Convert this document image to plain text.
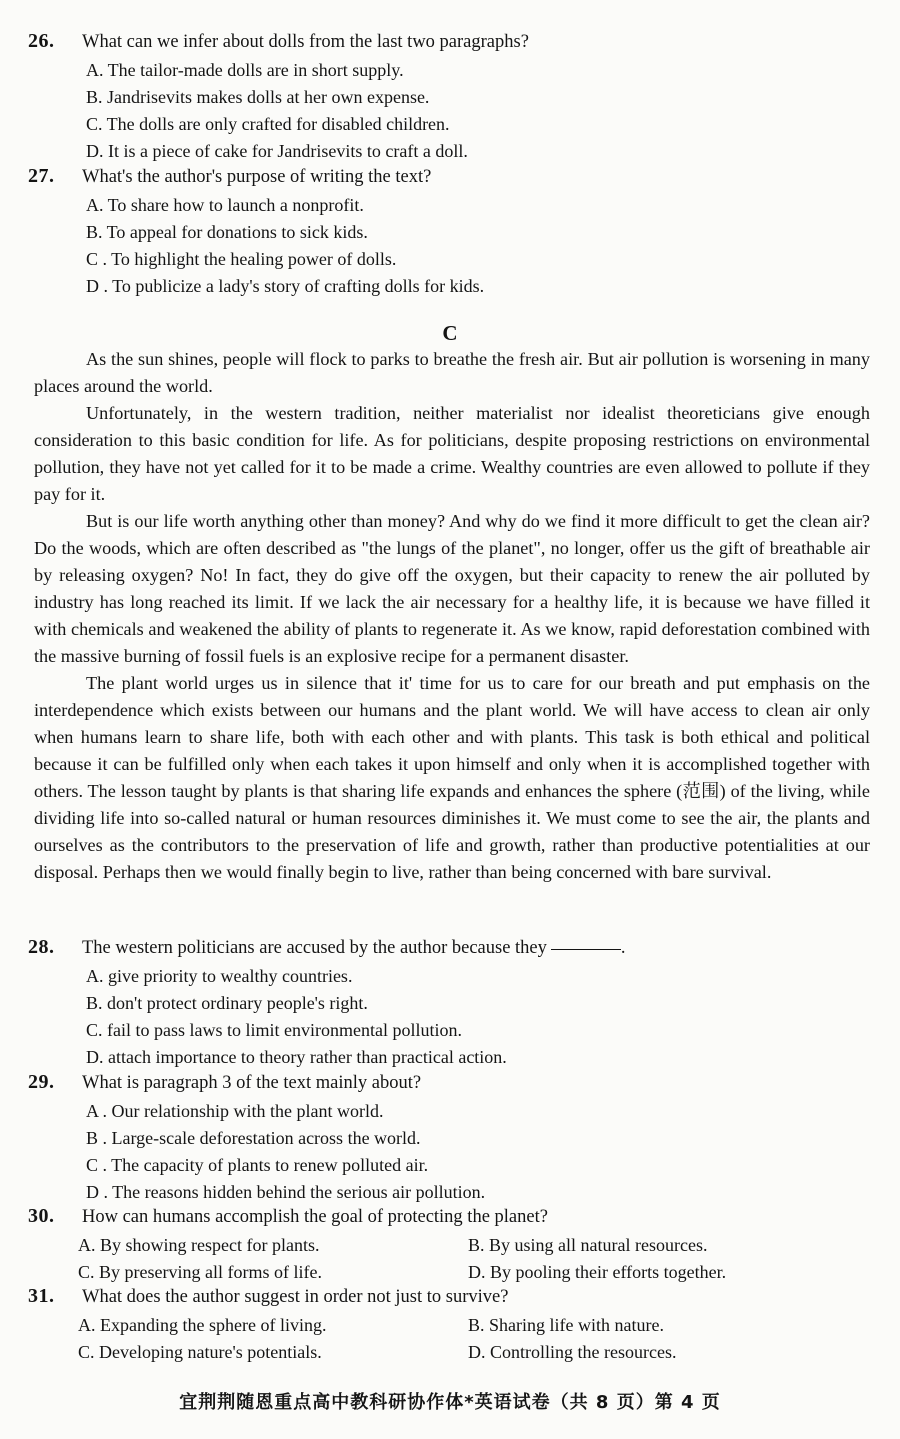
26.	What can we infer about dolls from the last two paragraphs?
A. The tailor-made dolls are in short supply.
B. Jandrisevits makes dolls at her own expense.
C. The dolls are only crafted for disabled children.
D. It is a piece of cake for Jandrisevits to craft a doll.
27.	What's the author's purpose of writing the text?
A. To share how to launch a nonprofit.
B. To appeal for donations to sick kids.
C . To highlight the healing power of dolls.
D . To publicize a lady's story of crafting dolls for kids.
C

As the sun shines, people will flock to parks to breathe the fresh air. But air pollution is worsening in many places around the world.

Unfortunately, in the western tradition, neither materialist nor idealist theoreticians give enough consideration to this basic condition for life. As for politicians, despite proposing restrictions on environmental pollution, they have not yet called for it to be made a crime. Wealthy countries are even allowed to pollute if they pay for it.

But is our life worth anything other than money? And why do we find it more difficult to get the clean air? Do the woods, which are often described as "the lungs of the planet", no longer, offer us the gift of breathable air by releasing oxygen? No! In fact, they do give off the oxygen, but their capacity to renew the air polluted by industry has long reached its limit. If we lack the air necessary for a healthy life, it is because we have filled it with chemicals and weakened the ability of plants to regenerate it. As we know, rapid deforestation combined with the massive burning of fossil fuels is an explosive recipe for a permanent disaster.

The plant world urges us in silence that it' time for us to care for our breath and put emphasis on the interdependence which exists between our humans and the plant world. We will have access to clean air only when humans learn to share life, both with each other and with plants. This task is both ethical and political because it can be fulfilled only when each takes it upon himself and only when it is accomplished together with others. The lesson taught by plants is that sharing life expands and enhances the sphere (范围) of the living, while dividing life into so-called natural or human resources diminishes it. We must come to see the air, the plants and ourselves as the contributors to the preservation of life and growth, rather than productive potentialities at our disposal. Perhaps then we would finally begin to live, rather than being concerned with bare survival.

28.	The western politicians are accused by the author because they	.
A. give priority to wealthy countries.
B. don't protect ordinary people's right.
C. fail to pass laws to limit environmental pollution.
D. attach importance to theory rather than practical action.
29.	What is paragraph 3 of the text mainly about?
A . Our relationship with the plant world.
B . Large-scale deforestation across the world.
C . The capacity of plants to renew polluted air.
D . The reasons hidden behind the serious air pollution.
30.	How can humans accomplish the goal of protecting the planet?
A. By showing respect for plants.	B. By using all natural resources.
C. By preserving all forms of life.	D. By pooling their efforts together.
31.	What does the author suggest in order not just to survive?
A. Expanding the sphere of living.	B. Sharing life with nature.
C. Developing nature's potentials.	D. Controlling the resources.
宜荆荆随恩重点高中教科研协作体*英语试卷（共 8 页）第 4 页
